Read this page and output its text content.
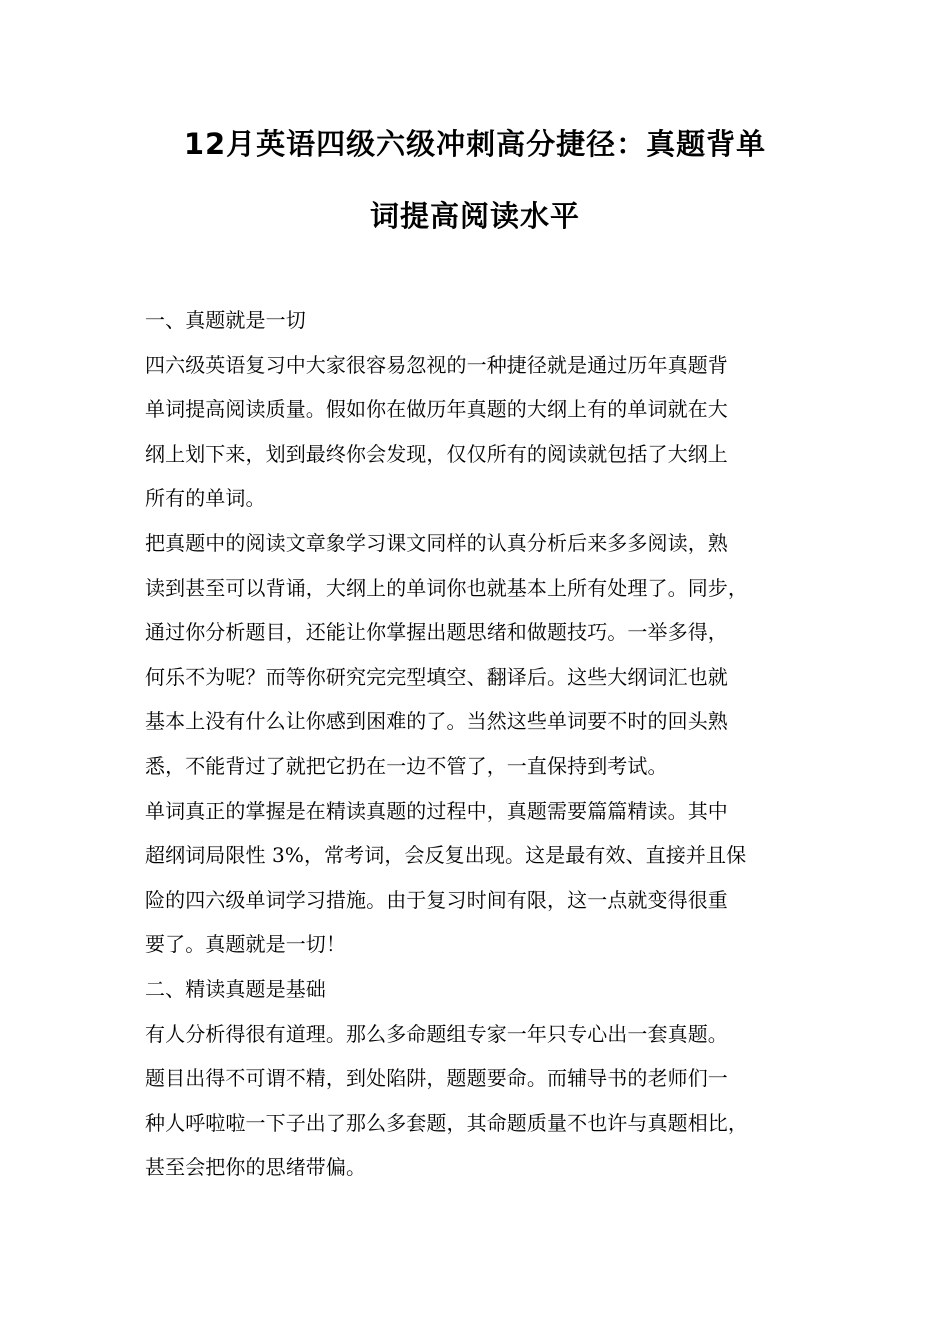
12月英语四级六级冲刺高分捷径：真题背单
词提高阅读水平
一、真题就是一切
四六级英语复习中大家很容易忽视的一种捷径就是通过历年真题背
单词提高阅读质量。假如你在做历年真题的大纲上有的单词就在大
纲上划下来，划到最终你会发现，仅仅所有的阅读就包括了大纲上
所有的单词。
把真题中的阅读文章象学习课文同样的认真分析后来多多阅读，熟
读到甚至可以背诵，大纲上的单词你也就基本上所有处理了。同步，
通过你分析题目，还能让你掌握出题思绪和做题技巧。一举多得，
何乐不为呢？而等你研究完完型填空、翻译后。这些大纲词汇也就
基本上没有什么让你感到困难的了。当然这些单词要不时的回头熟
悉，不能背过了就把它扔在一边不管了，一直保持到考试。
单词真正的掌握是在精读真题的过程中，真题需要篇篇精读。其中
超纲词局限性 3%，常考词，会反复出现。这是最有效、直接并且保
险的四六级单词学习措施。由于复习时间有限，这一点就变得很重
要了。真题就是一切！
二、精读真题是基础
有人分析得很有道理。那么多命题组专家一年只专心出一套真题。
题目出得不可谓不精，到处陷阱，题题要命。而辅导书的老师们一
种人呼啦啦一下子出了那么多套题，其命题质量不也许与真题相比，
甚至会把你的思绪带偏。
